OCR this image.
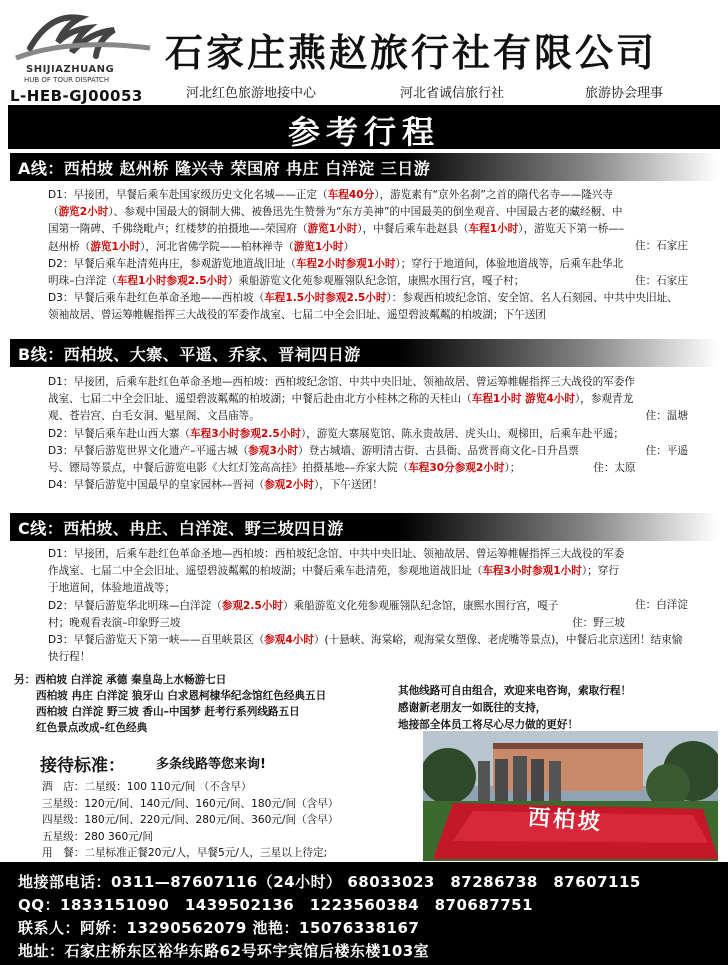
SHIJIAZHUANG
HUB OF TOUR DISPATCH
石家庄燕赵旅行社有限公司
L-HEB-GJ00053	河北红色旅游地接中心	河北省诚信旅行社	旅游协会理事
参考行程
A线：西柏坡 赵州桥 隆兴寺 荣国府 冉庄 白洋淀 三日游
住：石家庄
D1：早接团，早餐后乘车赴国家级历史文化名城——正定（车程40分），游览素有“京外名刹”之首的隋代名寺——隆兴寺（游览2小时）、参观中国最大的铜制大佛、被鲁迅先生赞誉为“东方美神”的中国最美的倒坐观音、中国最古老的藏经橱、中国第一隋碑、千佛绕毗卢；红楼梦的拍摄地—–荣国府（游览1小时），中餐后乘车赴赵县（车程1小时），游览天下第一桥—–赵州桥（游览1小时），河北省佛学院——柏林禅寺（游览1小时）
住：石家庄
D2：早餐后乘车赴清苑冉庄，参观游览地道战旧址（车程2小时参观1小时）；穿行于地道间，体验地道战等，后乘车赴华北明珠–白洋淀（车程1小时参观2.5小时）乘船游览文化苑参观雁翎队纪念馆，康熙水围行宫，嘎子村；
D3：早餐后乘车赴红色革命圣地——西柏坡（车程1.5小时参观2.5小时）：参观西柏坡纪念馆、安全馆、名人石刻园、中共中央旧址、领袖故居、曾运筹帷幄指挥三大战役的军委作战室、七届二中全会旧址、遥望碧波粼粼的柏坡湖；下午送团
B线：西柏坡、大寨、平遥、乔家、晋祠四日游
住：温塘
D1：早接团，后乘车赴红色革命圣地—西柏坡：西柏坡纪念馆、中共中央旧址、领袖故居、曾运筹帷幄指挥三大战役的军委作战室、七届二中全会旧址、遥望碧波粼粼的柏坡湖；中餐后赴由北方小桂林之称的天桂山（车程1小时 游览4小时），参观青龙观、苍岩宫、白毛女洞、魁星阁、文昌庙等。
住：平遥
D2：早餐后乘车赴山西大寨（车程3小时参观2.5小时），游览大寨展览馆、陈永贵故居、虎头山、观梯田，后乘车赴平遥；
住：太原
D3：早餐后游览世界文化遗产–平遥古城（参观3小时）登古城墙、游明清古街、古县衙、品赏晋商文化–日升昌票号、镖局等景点，中餐后游览电影《大红灯笼高高挂》拍摄基地––乔家大院（车程30分参观2小时）；
D4：早餐后游览中国最早的皇家园林––晋祠（参观2小时），下午送团！
C线：西柏坡、冉庄、白洋淀、野三坡四日游
住：白洋淀
D1：早接团，后乘车赴红色革命圣地—西柏坡：西柏坡纪念馆、中共中央旧址、领袖故居、曾运筹帷幄指挥三大战役的军委作战室、七届二中全会旧址、遥望碧波粼粼的柏坡湖；中餐后乘车赴清苑，参观地道战旧址（车程3小时参观1小时）；穿行于地道间，体验地道战等；
住：野三坡
D2：早餐后游览华北明珠—白洋淀（参观2.5小时）乘船游览文化苑参观雁翎队纪念馆，康熙水围行宫，嘎子村；晚观看表演–印象野三坡
D3：早餐后游览天下第一峡——百里峡景区（参观4小时）(十悬峡、海棠峪，观海棠女塑像、老虎嘴等景点)，中餐后北京送团！结束愉快行程！
另：西柏坡 白洋淀 承德 秦皇岛上水畅游七日
西柏坡 冉庄 白洋淀 狼牙山 白求恩柯棣华纪念馆红色经典五日
西柏坡 白洋淀 野三坡 香山–中国梦 赶考行系列线路五日
红色景点改成–红色经典
其他线路可自由组合，欢迎来电咨询，索取行程！
感谢新老朋友一如既往的支持，
地接部全体员工将尽心尽力做的更好！
西柏坡
接待标准： 多条线路等您来询!
酒　店：二星级：100 110元/间 （不含早）
三星级：120元/间、140元/间、160元/间、180元/间（含早）
四星级：180元/间、220元/间、280元/间、360元/间（含早）
五星级：280 360元/间
用　餐：二星标准正餐20元/人，早餐5元/人，三星以上待定;
地接部电话：0311—87607116（24小时） 68033023　87286738　87607115
QQ：1833151090　1439502136　1223560384　870687751
联系人：阿娇：13290562079 池艳：15076338167
地址：石家庄桥东区裕华东路62号环宇宾馆后楼东楼103室
